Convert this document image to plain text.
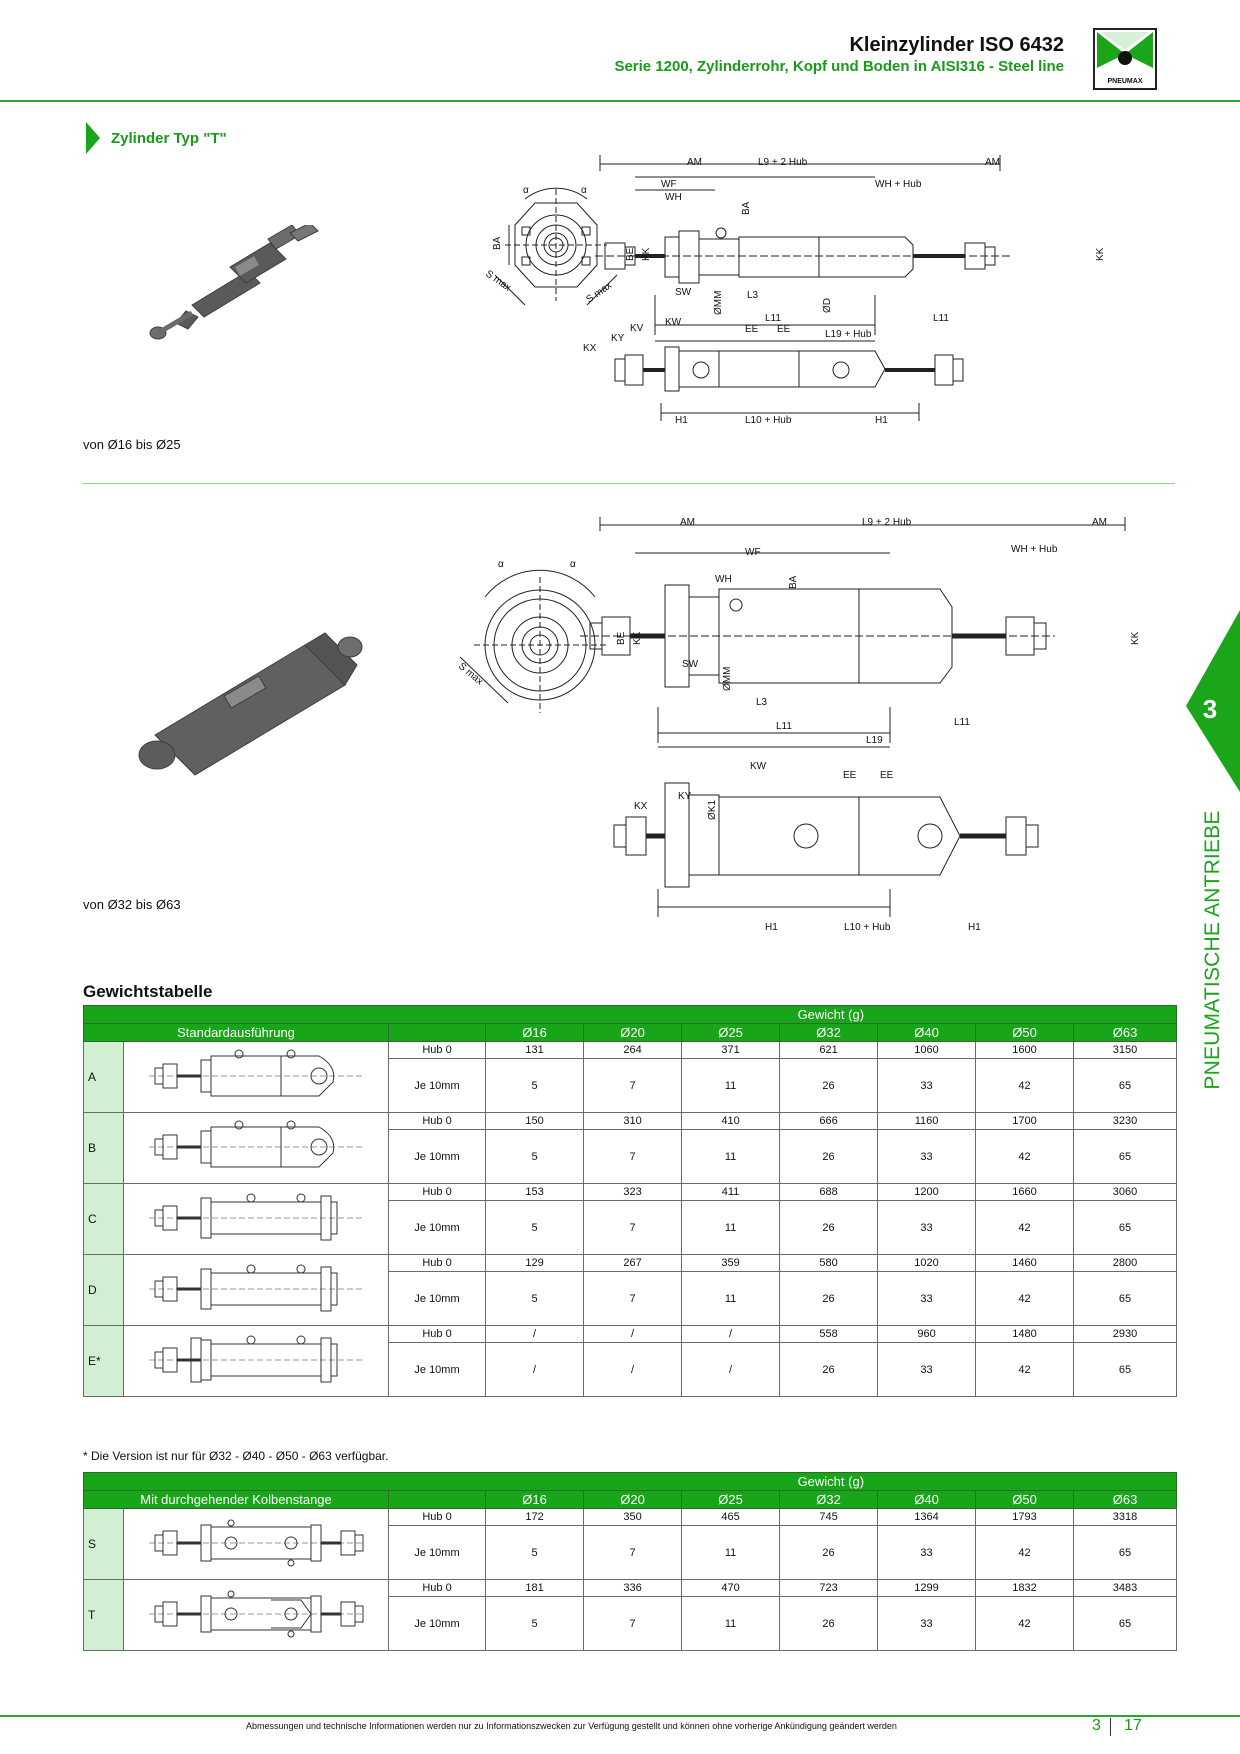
Kleinzylinder ISO 6432
Serie 1200, Zylinderrohr, Kopf und Boden in AISI316 - Steel line
PNEUMAX
Zylinder Typ "T"
von Ø16 bis Ø25
α	α
BA
S max	S max
AM	L9 + 2 Hub	AM
WF	WH + Hub
WH
BA
BE KK	KK
SW ØMM L3
ØD
L11	L11
L19 + Hub
KW
KV
KY
KX
EE EE
H1	L10 + Hub	H1
von Ø32 bis Ø63
α	α
S max
AM	L9 + 2 Hub	AM
WF	WH + Hub
WH	BA
BE KK	KK
SW
ØMM
L3
L11	L11
L19
KW
EE EE
KY
ØK1
KX
H1	L10 + Hub	H1
3
PNEUMATISCHE ANTRIEBE
Gewichtstabelle
			Gewicht (g)						
Standardausführung			Ø16	Ø20	Ø25	Ø32	Ø40	Ø50	Ø63
A		Hub 0	131	264	371	621	1060	1600	3150
		Je 10mm	5	7	11	26	33	42	65
B		Hub 0	150	310	410	666	1160	1700	3230
		Je 10mm	5	7	11	26	33	42	65
C		Hub 0	153	323	411	688	1200	1660	3060
		Je 10mm	5	7	11	26	33	42	65
D		Hub 0	129	267	359	580	1020	1460	2800
		Je 10mm	5	7	11	26	33	42	65
E*		Hub 0	/	/	/	558	960	1480	2930
		Je 10mm	/	/	/	26	33	42	65
* Die Version ist nur für Ø32 - Ø40 - Ø50 - Ø63 verfügbar.
			Gewicht (g)						
Mit durchgehender Kolbenstange			Ø16	Ø20	Ø25	Ø32	Ø40	Ø50	Ø63
S		Hub 0	172	350	465	745	1364	1793	3318
		Je 10mm	5	7	11	26	33	42	65
T		Hub 0	181	336	470	723	1299	1832	3483
		Je 10mm	5	7	11	26	33	42	65
Abmessungen und technische Informationen werden nur zu Informationszwecken zur Verfügung gestellt und können ohne vorherige Ankündigung geändert werden	3 17
